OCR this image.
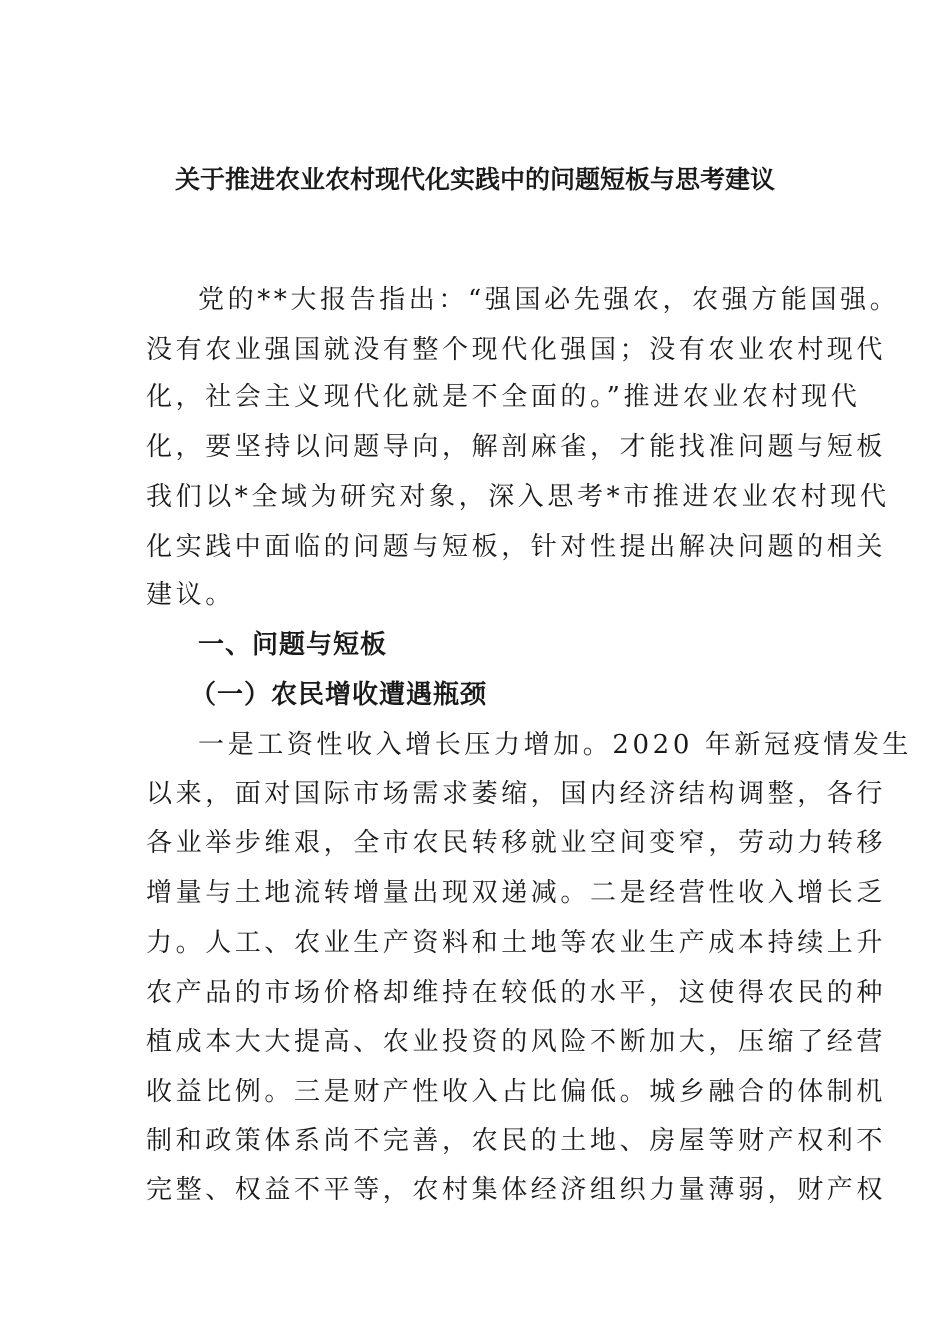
关于推进农业农村现代化实践中的问题短板与思考建议
党的**大报告指出：“强国必先强农，农强方能国强。
没有农业强国就没有整个现代化强国；没有农业农村现代
化，社会主义现代化就是不全面的。”推进农业农村现代
化，要坚持以问题导向，解剖麻雀，才能找准问题与短板
我们以*全域为研究对象，深入思考*市推进农业农村现代
化实践中面临的问题与短板，针对性提出解决问题的相关
建议。
一、问题与短板
（一）农民增收遭遇瓶颈
一是工资性收入增长压力增加。2020 年新冠疫情发生
以来，面对国际市场需求萎缩，国内经济结构调整，各行
各业举步维艰，全市农民转移就业空间变窄，劳动力转移
增量与土地流转增量出现双递减。二是经营性收入增长乏
力。人工、农业生产资料和土地等农业生产成本持续上升
农产品的市场价格却维持在较低的水平，这使得农民的种
植成本大大提高、农业投资的风险不断加大，压缩了经营
收益比例。三是财产性收入占比偏低。城乡融合的体制机
制和政策体系尚不完善，农民的土地、房屋等财产权利不
完整、权益不平等，农村集体经济组织力量薄弱，财产权
